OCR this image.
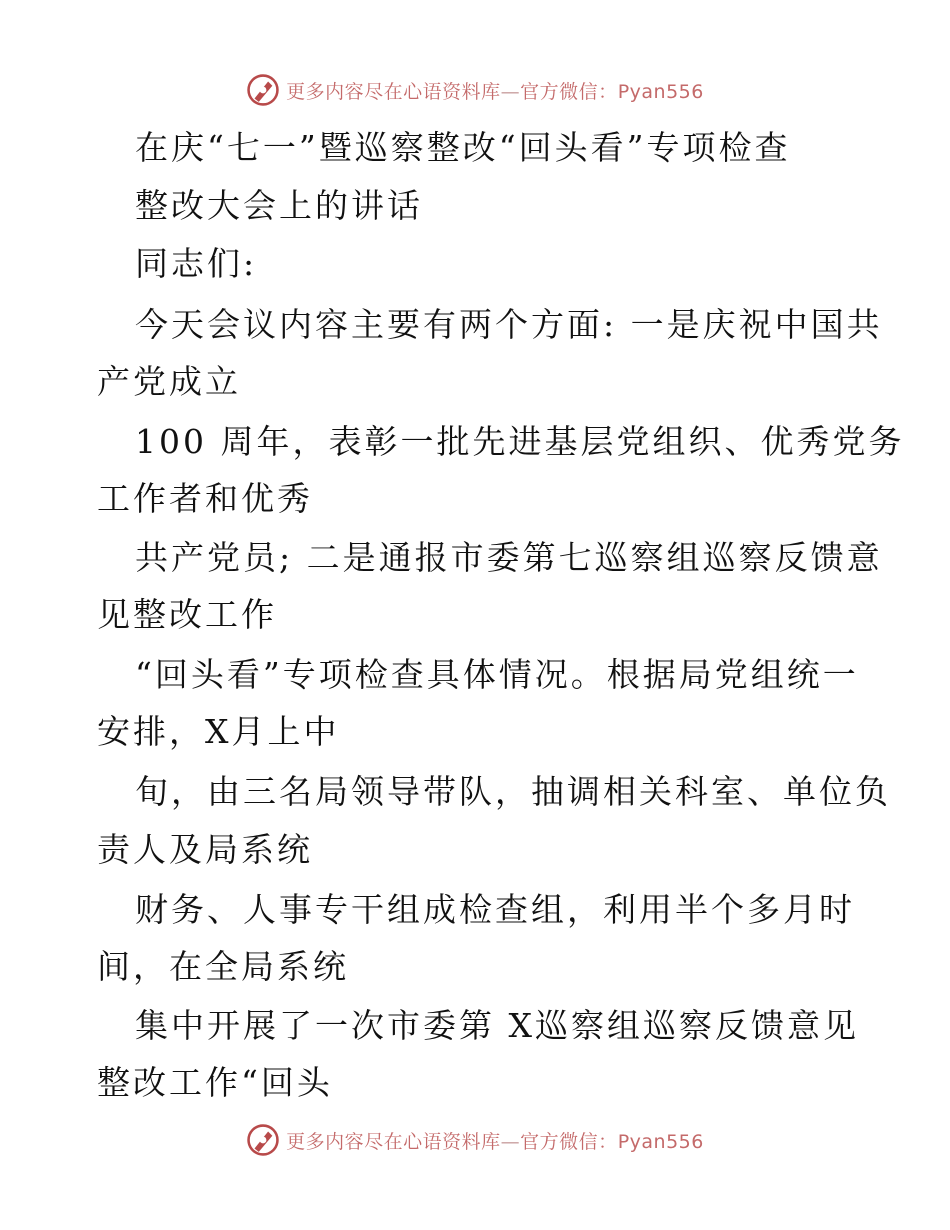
更多内容尽在心语资料库—官方微信：Pyan556
在庆“七一”暨巡察整改“回头看”专项检查
整改大会上的讲话
同志们:
今天会议内容主要有两个方面: 一是庆祝中国共
产党成立
100 周年，表彰一批先进基层党组织、优秀党务
工作者和优秀
共产党员; 二是通报市委第七巡察组巡察反馈意
见整改工作
“回头看”专项检查具体情况。根据局党组统一
安排，X月上中
旬，由三名局领导带队，抽调相关科室、单位负
责人及局系统
财务、人事专干组成检查组，利用半个多月时
间，在全局系统
集中开展了一次市委第 X巡察组巡察反馈意见
整改工作“回头
更多内容尽在心语资料库—官方微信：Pyan556
